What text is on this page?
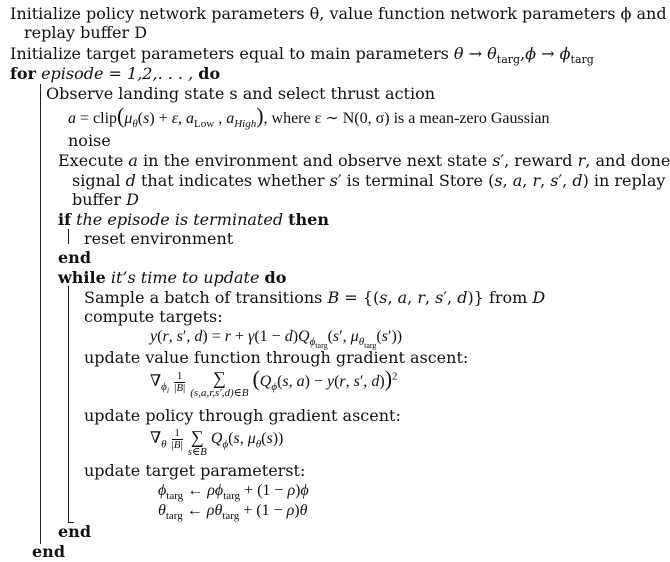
Initialize policy network parameters θ, value function network parameters ϕ and
replay buffer D
Initialize target parameters equal to main parameters $\theta \to \theta_{targ},\phi \to \phi_{targ}$
for episode = 1,2,. . . , do
Observe landing state s and select thrust action
$a = clip(\mu_\theta(s) + \varepsilon$, $a_{Low}$ , $a_{High}$), where ε ∼ N(0, σ) is a mean-zero Gaussian
noise
Execute a in the environment and observe next state s′, reward r, and done
signal d that indicates whether s′ is terminal Store (s, a, r, s′, d) in replay
buffer D
if the episode is terminated then
reset environment
end
while it’s time to update do
Sample a batch of transitions B = {(s, a, r, s′, d)} from D
compute targets:
y(r, s′, $d) = r + \gamma(1 - d)Q_{\phi_{targ}}(s'$, $\mu_{\theta_{targ}}(s')$)
update value function through gradient ascent:
$\nabla_{\phi_i} \frac{1}{|B|}$
	∑
(s,a,r,s′,d)∈B
($Q_\phi(s$, a) − y(r, s′, d))$^2$
update policy through gradient ascent:
$\nabla_\theta \frac{1}{|B|}$
∑
s∈B
$Q_\phi(s$, $\mu_\theta(s)$)
update target parameterst:
$\phi_{targ}$ ← $\rho\phi_{targ} + (1 - \rho)\phi$
$\theta_{targ}$ ← $\rho\theta_{targ} + (1 - \rho)\theta$
end
end
